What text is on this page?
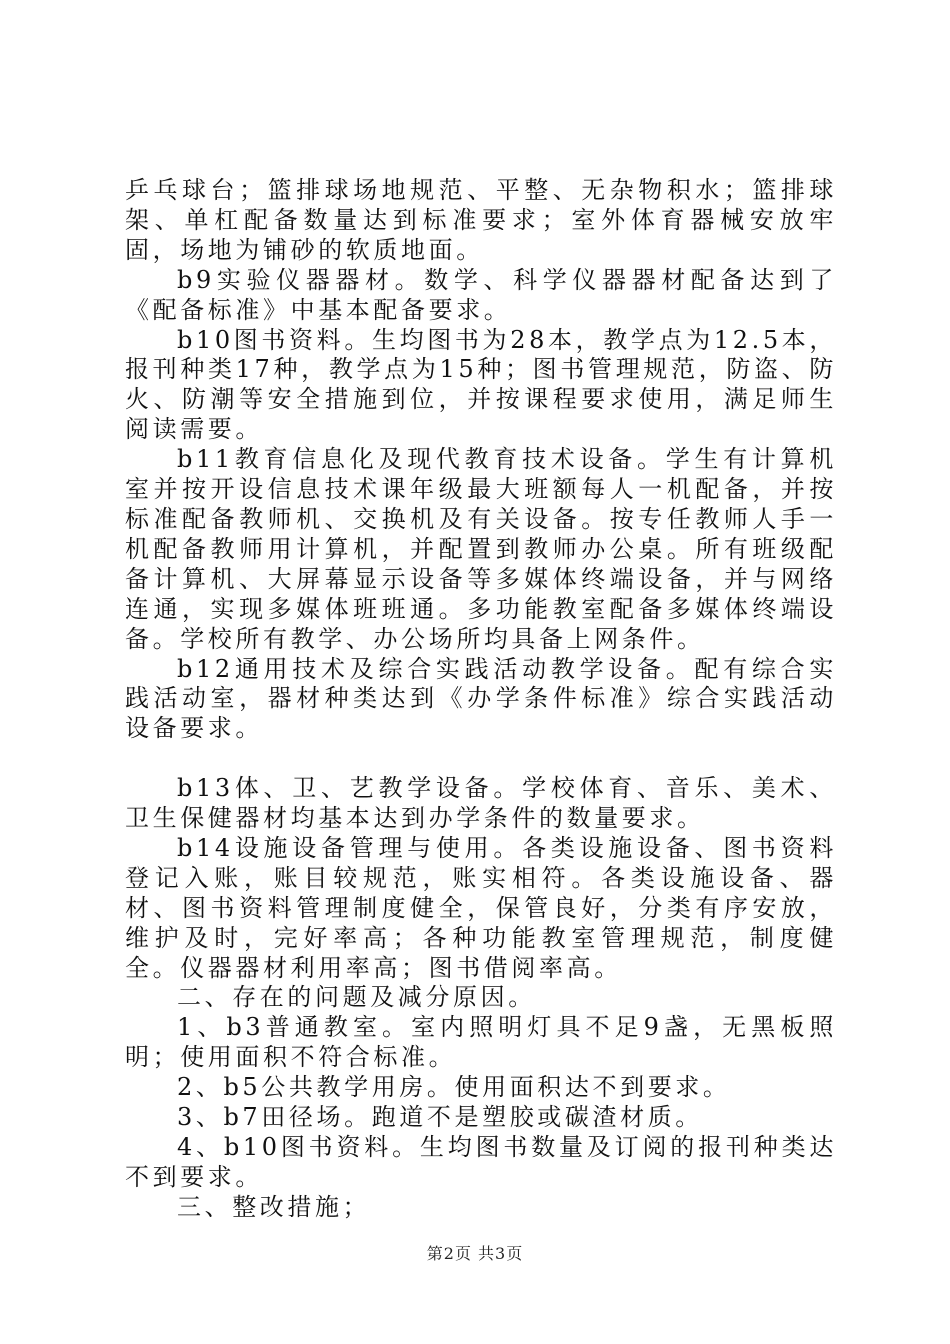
乒乓球台；篮排球场地规范、平整、无杂物积水；篮排球架、单杠配备数量达到标准要求；室外体育器械安放牢固，场地为铺砂的软质地面。

b9实验仪器器材。数学、科学仪器器材配备达到了《配备标准》中基本配备要求。

b10图书资料。生均图书为28本，教学点为12.5本，报刊种类17种，教学点为15种；图书管理规范，防盗、防火、防潮等安全措施到位，并按课程要求使用，满足师生阅读需要。

b11教育信息化及现代教育技术设备。学生有计算机室并按开设信息技术课年级最大班额每人一机配备，并按标准配备教师机、交换机及有关设备。按专任教师人手一机配备教师用计算机，并配置到教师办公桌。所有班级配备计算机、大屏幕显示设备等多媒体终端设备，并与网络连通，实现多媒体班班通。多功能教室配备多媒体终端设备。学校所有教学、办公场所均具备上网条件。

b12通用技术及综合实践活动教学设备。配有综合实践活动室，器材种类达到《办学条件标准》综合实践活动设备要求。

b13体、卫、艺教学设备。学校体育、音乐、美术、卫生保健器材均基本达到办学条件的数量要求。

b14设施设备管理与使用。各类设施设备、图书资料登记入账，账目较规范，账实相符。各类设施设备、器材、图书资料管理制度健全，保管良好，分类有序安放，维护及时，完好率高；各种功能教室管理规范，制度健全。仪器器材利用率高；图书借阅率高。

二、存在的问题及减分原因。

1、b3普通教室。室内照明灯具不足9盏，无黑板照明；使用面积不符合标准。

2、b5公共教学用房。使用面积达不到要求。

3、b7田径场。跑道不是塑胶或碳渣材质。

4、b10图书资料。生均图书数量及订阅的报刊种类达不到要求。

三、整改措施；

第2页 共3页
